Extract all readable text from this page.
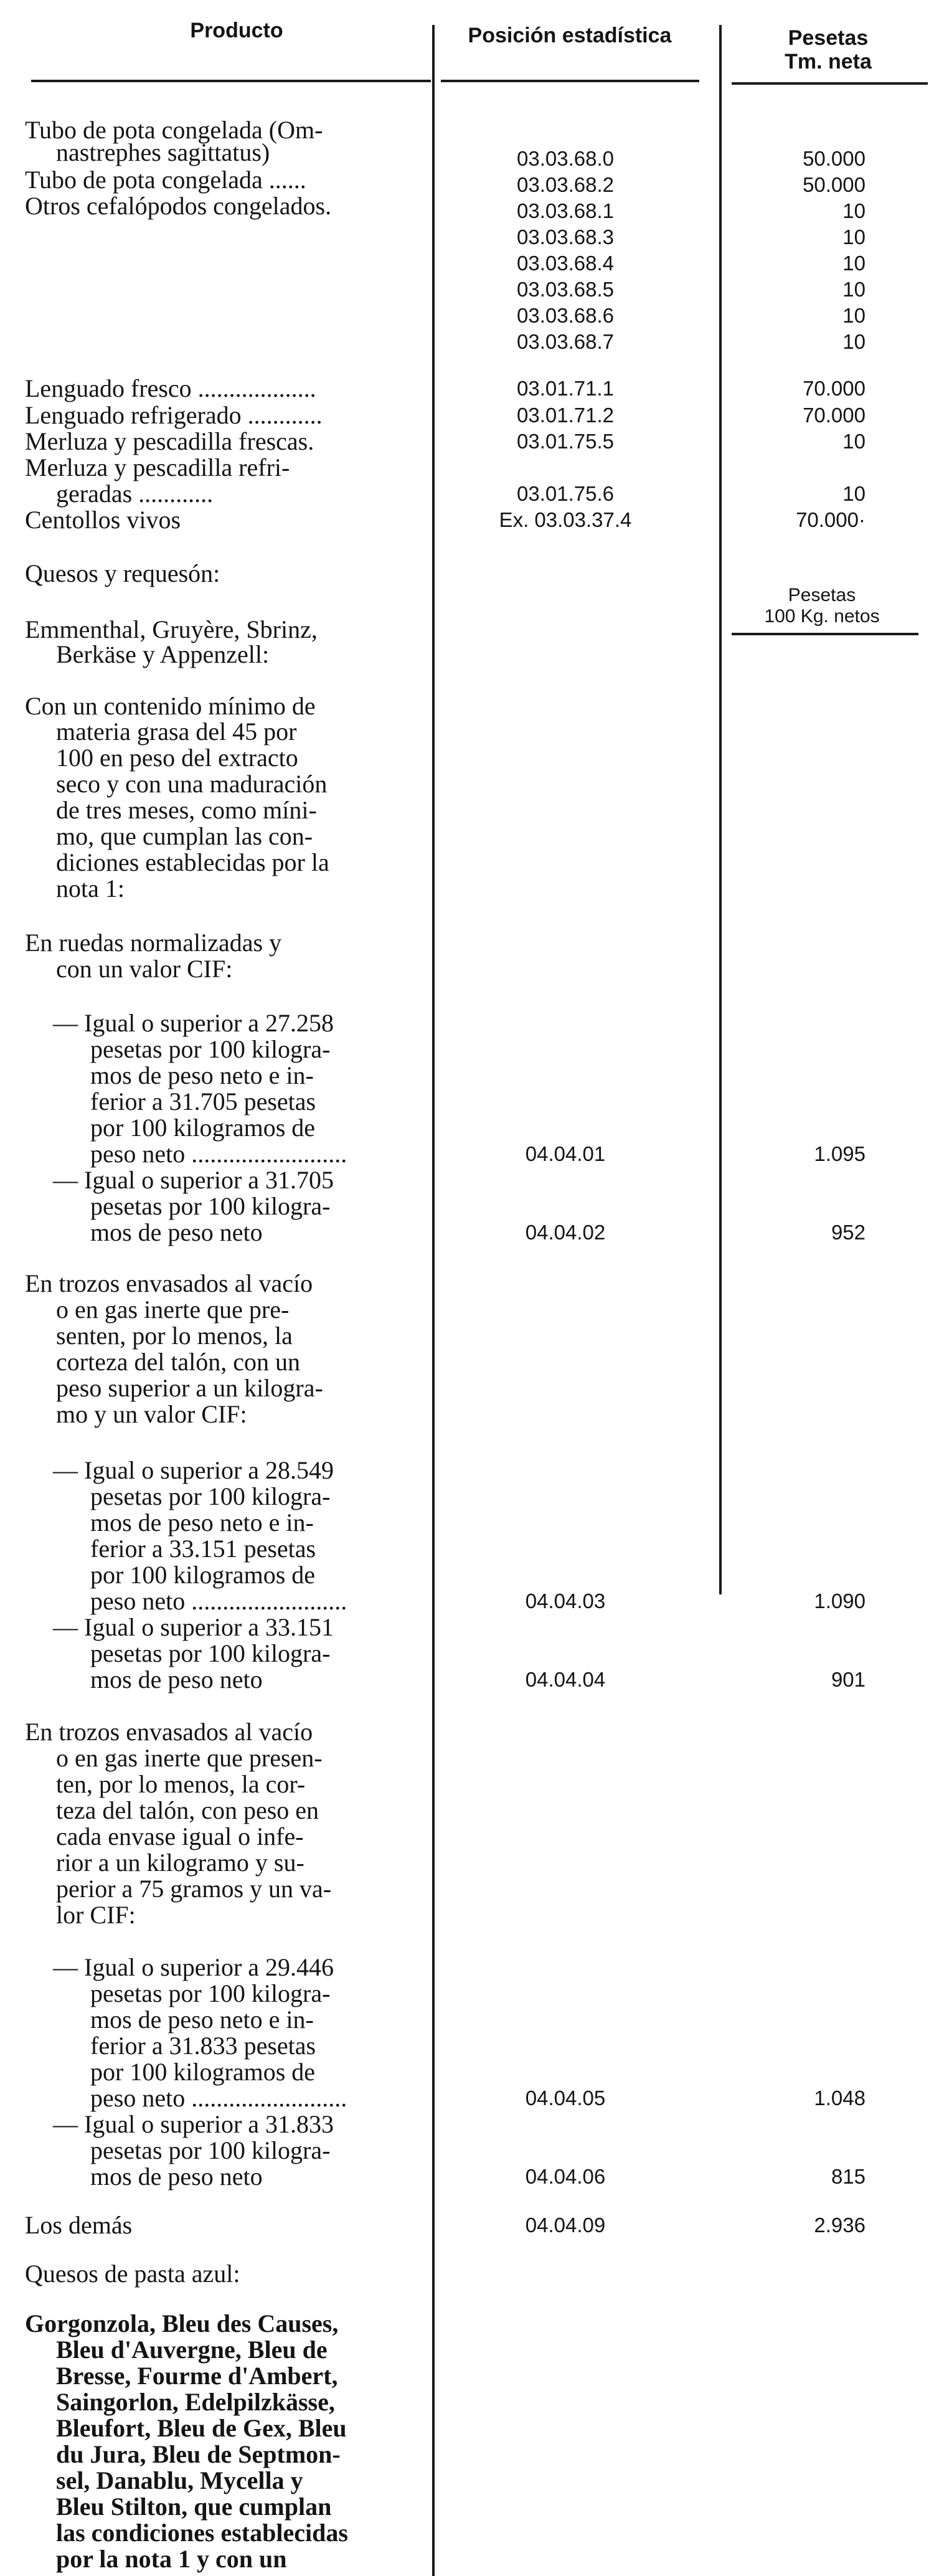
Producto	Posición estadística	Pesetas
Tm. neta
Tubo de pota congelada (Om-
nastrephes sagittatus)
Tubo de pota congelada ......
Otros cefalópodos congelados.
Lenguado fresco ...................
Lenguado refrigerado ............
Merluza y pescadilla frescas.
Merluza y pescadilla refri-
geradas ............
Centollos vivos
Quesos y requesón:
Emmenthal, Gruyère, Sbrinz,
Berkäse y Appenzell:
Con un contenido mínimo de
materia grasa del 45 por
100 en peso del extracto
seco y con una maduración
de tres meses, como míni-
mo, que cumplan las con-
diciones establecidas por la
nota 1:
En ruedas normalizadas y
con un valor CIF:
— Igual o superior a 27.258
pesetas por 100 kilogra-
mos de peso neto e in-
ferior a 31.705 pesetas
por 100 kilogramos de
peso neto .........................
— Igual o superior a 31.705
pesetas por 100 kilogra-
mos de peso neto
En trozos envasados al vacío
o en gas inerte que pre-
senten, por lo menos, la
corteza del talón, con un
peso superior a un kilogra-
mo y un valor CIF:
— Igual o superior a 28.549
pesetas por 100 kilogra-
mos de peso neto e in-
ferior a 33.151 pesetas
por 100 kilogramos de
peso neto .........................
— Igual o superior a 33.151
pesetas por 100 kilogra-
mos de peso neto
En trozos envasados al vacío
o en gas inerte que presen-
ten, por lo menos, la cor-
teza del talón, con peso en
cada envase igual o infe-
rior a un kilogramo y su-
perior a 75 gramos y un va-
lor CIF:
— Igual o superior a 29.446
pesetas por 100 kilogra-
mos de peso neto e in-
ferior a 31.833 pesetas
por 100 kilogramos de
peso neto .........................
— Igual o superior a 31.833
pesetas por 100 kilogra-
mos de peso neto
Los demás
Quesos de pasta azul:
Gorgonzola, Bleu des Causes,
Bleu d'Auvergne, Bleu de
Bresse, Fourme d'Ambert,
Saingorlon, Edelpilzkässe,
Bleufort, Bleu de Gex, Bleu
du Jura, Bleu de Septmon-
sel, Danablu, Mycella y
Bleu Stilton, que cumplan
las condiciones establecidas
por la nota 1 y con un
03.03.68.0
03.03.68.2
03.03.68.1
03.03.68.3
03.03.68.4
03.03.68.5
03.03.68.6
03.03.68.7
03.01.71.1
03.01.71.2
03.01.75.5
03.01.75.6
Ex. 03.03.37.4
04.04.01
04.04.02
04.04.03
04.04.04
04.04.05
04.04.06
04.04.09
50.000
50.000
10
10
10
10
10
10
70.000
70.000
10
10
70.000·
1.095
952
1.090
901
1.048
815
2.936
Pesetas
100 Kg. netos
